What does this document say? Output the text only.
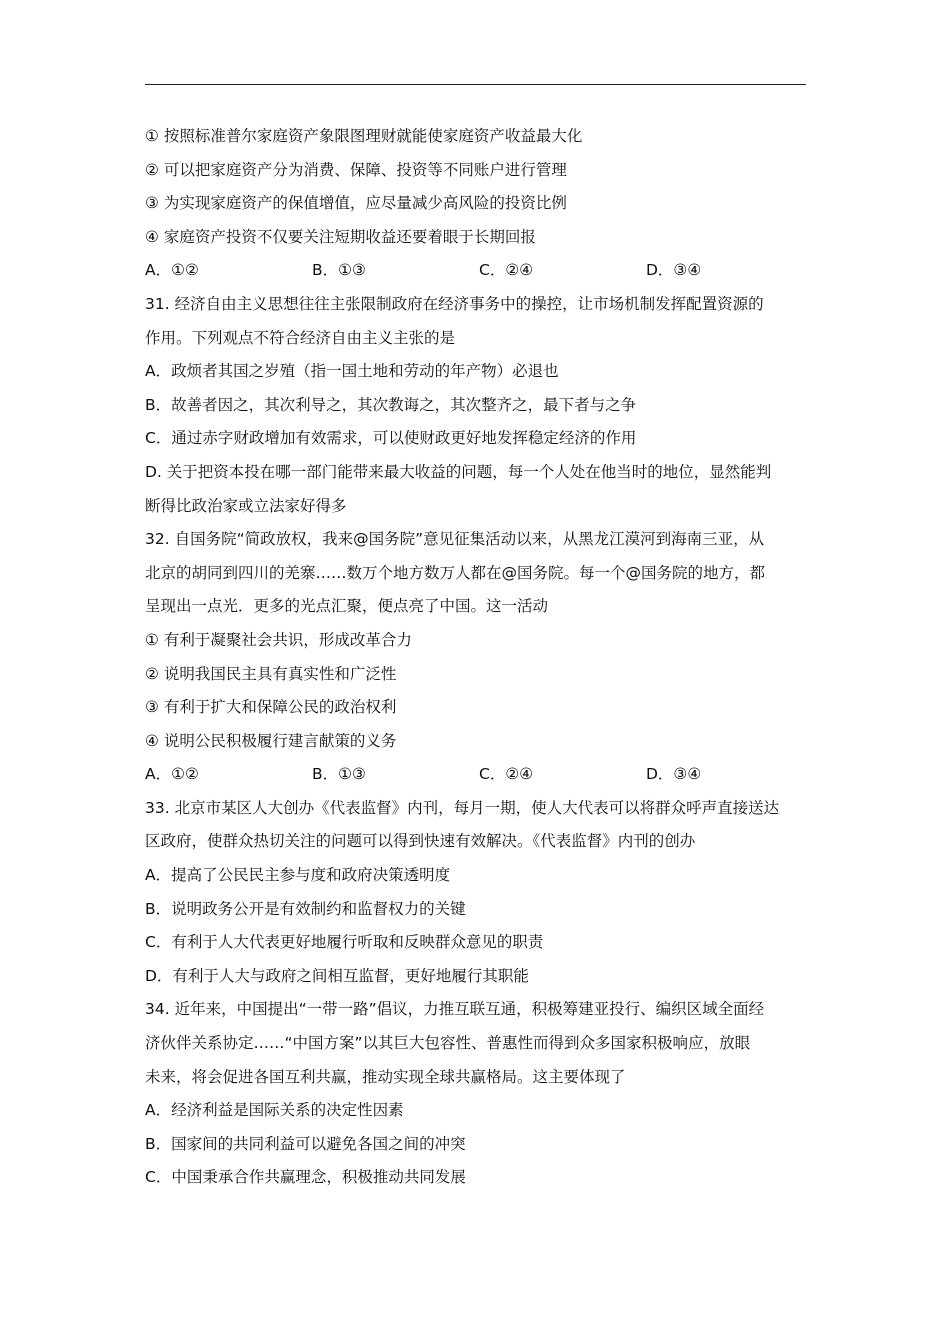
① 按照标准普尔家庭资产象限图理财就能使家庭资产收益最大化
② 可以把家庭资产分为消费、保障、投资等不同账户进行管理
③ 为实现家庭资产的保值增值，应尽量减少高风险的投资比例
④ 家庭资产投资不仅要关注短期收益还要着眼于长期回报
A．①②	B．①③	C．②④	D．③④
31. 经济自由主义思想往往主张限制政府在经济事务中的操控，让市场机制发挥配置资源的
作用。下列观点不符合经济自由主义主张的是
A．政烦者其国之岁殖（指一国土地和劳动的年产物）必退也
B．故善者因之，其次利导之，其次教诲之，其次整齐之，最下者与之争
C．通过赤字财政增加有效需求，可以使财政更好地发挥稳定经济的作用
D. 关于把资本投在哪一部门能带来最大收益的问题，每一个人处在他当时的地位，显然能判
断得比政治家或立法家好得多
32. 自国务院“简政放权，我来@国务院”意见征集活动以来，从黑龙江漠河到海南三亚，从
北京的胡同到四川的羌寨……数万个地方数万人都在@国务院。每一个@国务院的地方，都
呈现出一点光．更多的光点汇聚，便点亮了中国。这一活动
① 有利于凝聚社会共识，形成改革合力
② 说明我国民主具有真实性和广泛性
③ 有利于扩大和保障公民的政治权利
④ 说明公民积极履行建言献策的义务
A．①②	B．①③	C．②④	D．③④
33. 北京市某区人大创办《代表监督》内刊，每月一期，使人大代表可以将群众呼声直接送达
区政府，使群众热切关注的问题可以得到快速有效解决。《代表监督》内刊的创办
A．提高了公民民主参与度和政府决策透明度
B．说明政务公开是有效制约和监督权力的关键
C．有利于人大代表更好地履行听取和反映群众意见的职责
D．有利于人大与政府之间相互监督，更好地履行其职能
34. 近年来，中国提出“一带一路”倡议，力推互联互通，积极筹建亚投行、编织区域全面经
济伙伴关系协定……“中国方案”以其巨大包容性、普惠性而得到众多国家积极响应，放眼
未来，将会促进各国互利共赢，推动实现全球共赢格局。这主要体现了
A．经济利益是国际关系的决定性因素
B．国家间的共同利益可以避免各国之间的冲突
C．中国秉承合作共赢理念，积极推动共同发展
